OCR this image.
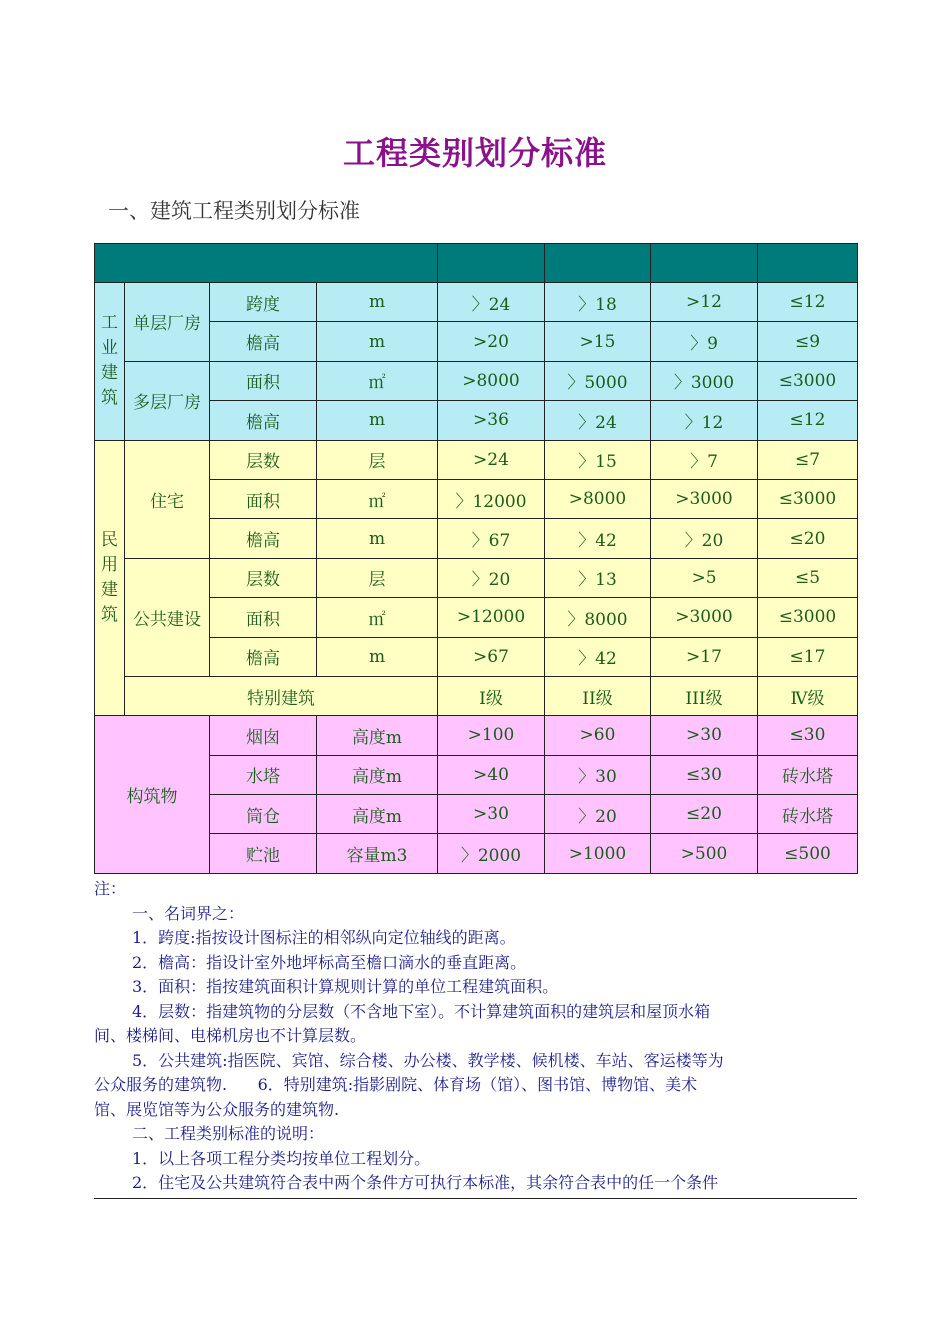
工程类别划分标准
一、建筑工程类别划分标准

工业建筑	单层厂房	跨度	m	〉24	〉18	>12	≤12
		檐高	m	>20	>15	〉9	≤9
	多层厂房	面积	㎡	>8000	〉5000	〉3000	≤3000
		檐高	m	>36	〉24	〉12	≤12
民用建筑	住宅	层数	层	>24	〉15	〉7	≤7
		面积	㎡	〉12000	>8000	>3000	≤3000
		檐高	m	〉67	〉42	〉20	≤20
	公共建设	层数	层	〉20	〉13	>5	≤5
		面积	㎡	>12000	〉8000	>3000	≤3000
		檐高	m	>67	〉42	>17	≤17
	特别建筑			Ⅰ级	ⅠⅠ级	ⅠⅠⅠ级	Ⅳ级
构筑物		烟囱	高度m	>100	>60	>30	≤30
		水塔	高度m	>40	〉30	≤30	砖水塔
		筒仓	高度m	>30	〉20	≤20	砖水塔
		贮池	容量m3	〉2000	>1000	>500	≤500

注：

一、名词界之：

1．跨度:指按设计图标注的相邻纵向定位轴线的距离。

2．檐高：指设计室外地坪标高至檐口滴水的垂直距离。

3．面积：指按建筑面积计算规则计算的单位工程建筑面积。

4．层数：指建筑物的分层数（不含地下室）。不计算建筑面积的建筑层和屋顶水箱

间、楼梯间、电梯机房也不计算层数。

5．公共建筑:指医院、宾馆、综合楼、办公楼、教学楼、候机楼、车站、客运楼等为

公众服务的建筑物.      6．特别建筑:指影剧院、体育场（馆）、图书馆、博物馆、美术

馆、展览馆等为公众服务的建筑物.

二、工程类别标准的说明：

1．以上各项工程分类均按单位工程划分。

2．住宅及公共建筑符合表中两个条件方可执行本标准，其余符合表中的任一个条件
